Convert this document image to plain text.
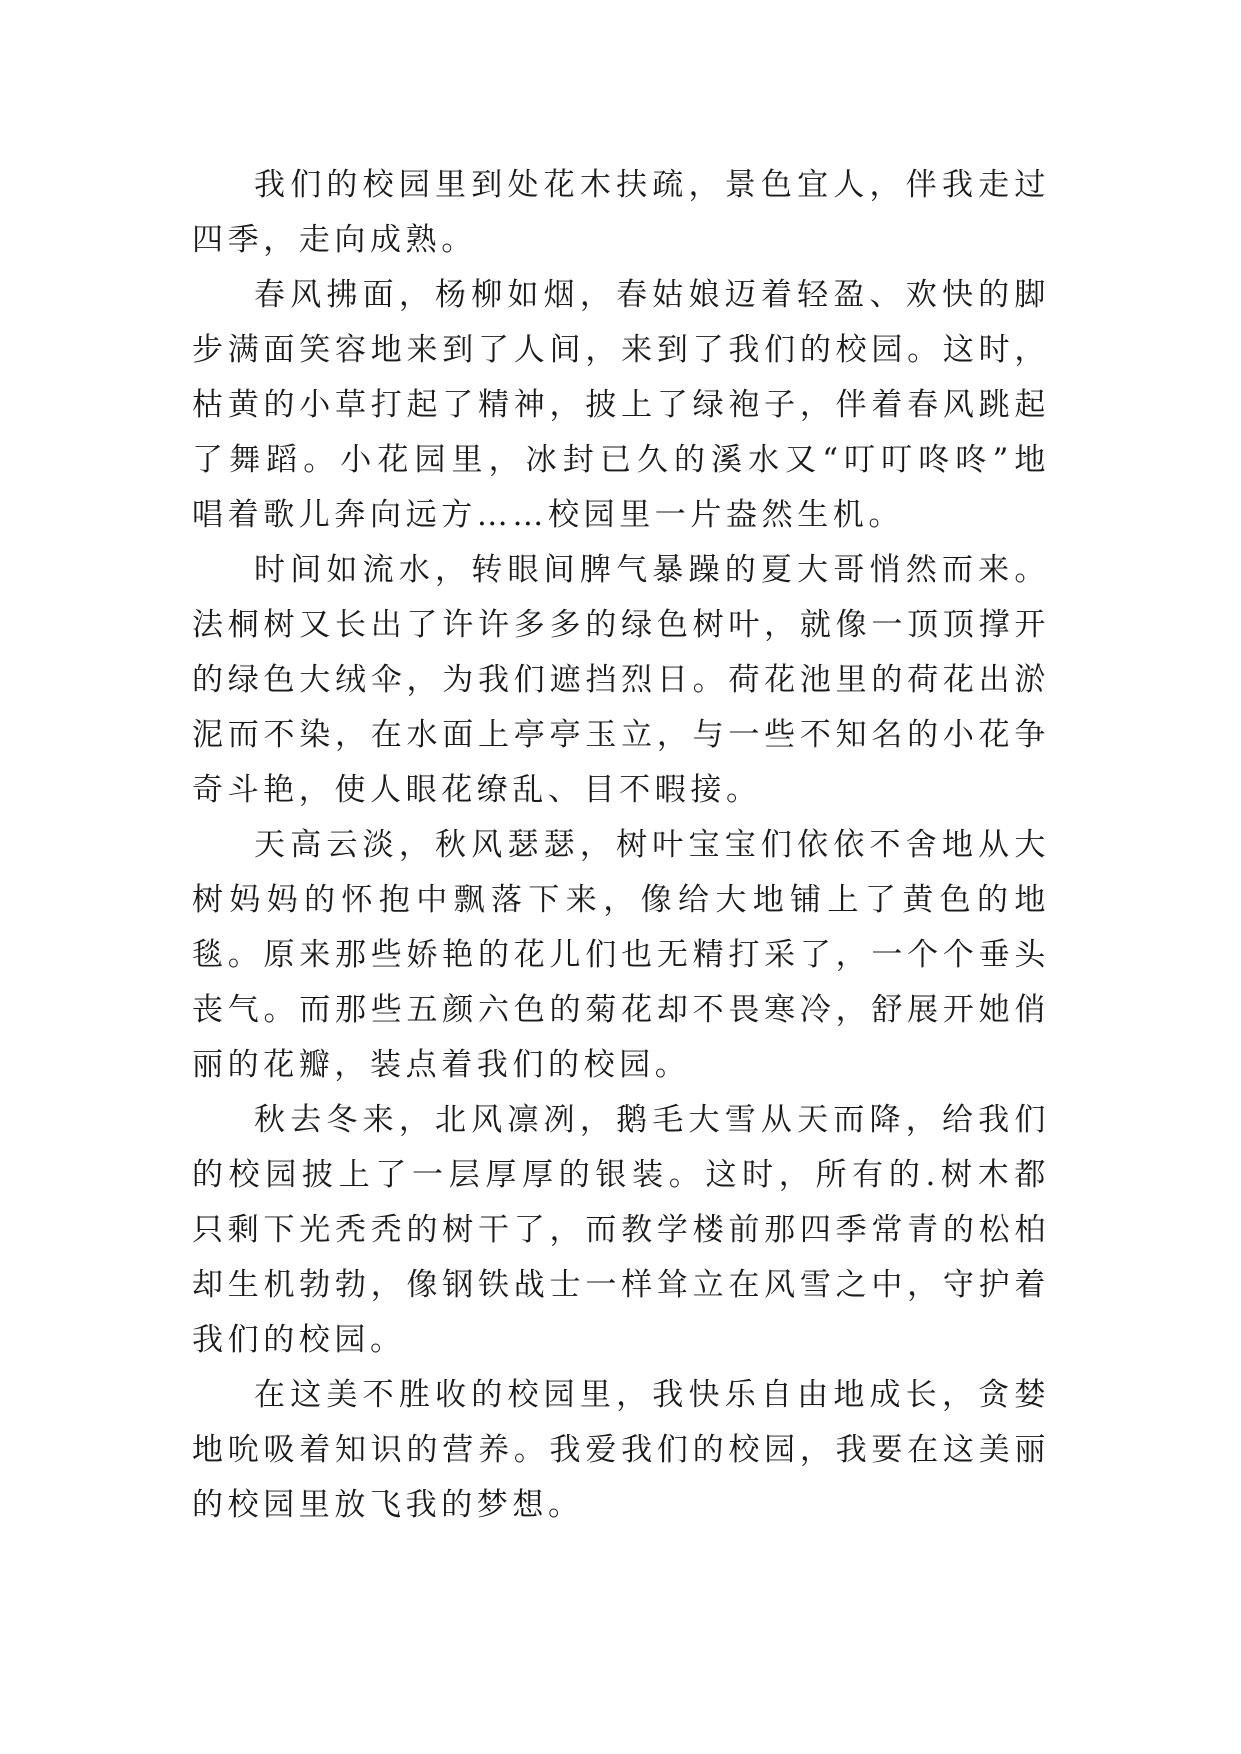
我们的校园里到处花木扶疏，景色宜人，伴我走过四季，走向成熟。

春风拂面，杨柳如烟，春姑娘迈着轻盈、欢快的脚步满面笑容地来到了人间，来到了我们的校园。这时，枯黄的小草打起了精神，披上了绿袍子，伴着春风跳起了舞蹈。小花园里，冰封已久的溪水又“叮叮咚咚”地唱着歌儿奔向远方……校园里一片盎然生机。

时间如流水，转眼间脾气暴躁的夏大哥悄然而来。法桐树又长出了许许多多的绿色树叶，就像一顶顶撑开的绿色大绒伞，为我们遮挡烈日。荷花池里的荷花出淤泥而不染，在水面上亭亭玉立，与一些不知名的小花争奇斗艳，使人眼花缭乱、目不暇接。

天高云淡，秋风瑟瑟，树叶宝宝们依依不舍地从大树妈妈的怀抱中飘落下来，像给大地铺上了黄色的地毯。原来那些娇艳的花儿们也无精打采了，一个个垂头丧气。而那些五颜六色的菊花却不畏寒冷，舒展开她俏丽的花瓣，装点着我们的校园。

秋去冬来，北风凛冽，鹅毛大雪从天而降，给我们的校园披上了一层厚厚的银装。这时，所有的.树木都只剩下光秃秃的树干了，而教学楼前那四季常青的松柏却生机勃勃，像钢铁战士一样耸立在风雪之中，守护着我们的校园。

在这美不胜收的校园里，我快乐自由地成长，贪婪地吮吸着知识的营养。我爱我们的校园，我要在这美丽的校园里放飞我的梦想。
